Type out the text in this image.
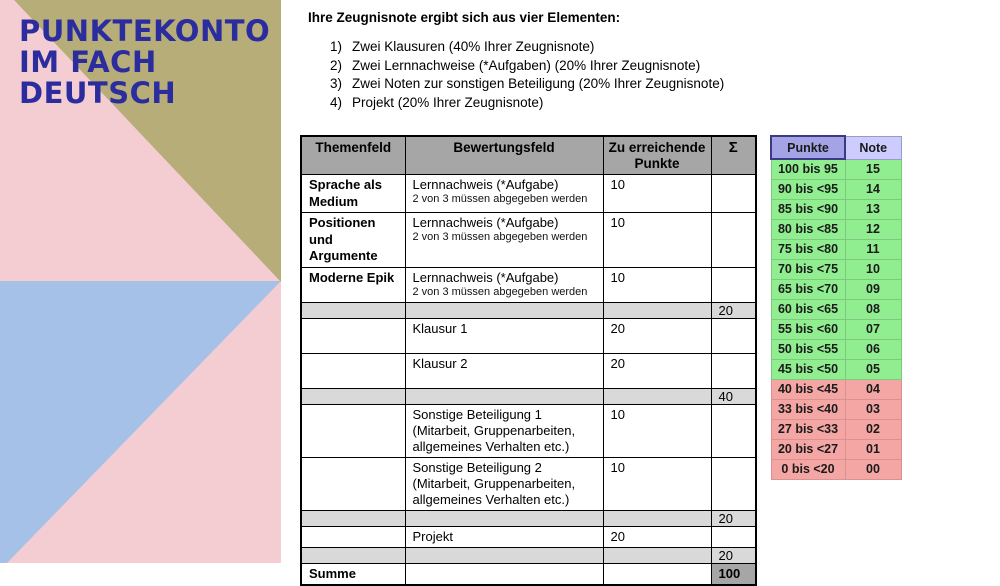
PUNKTEKONTO
IM FACH
DEUTSCH

Ihre Zeugnisnote ergibt sich aus vier Elementen:

1) Zwei Klausuren (40% Ihrer Zeugnisnote)
2) Zwei Lernnachweise (*Aufgaben) (20% Ihrer Zeugnisnote)
3) Zwei Noten zur sonstigen Beteiligung (20% Ihrer Zeugnisnote)
4) Projekt (20% Ihrer Zeugnisnote)
Themenfeld	Bewertungsfeld	Zu erreichende Punkte	Σ
Sprache als Medium	Lernnachweis (*Aufgabe)
2 von 3 müssen abgegeben werden	10	
Positionen und Argumente	Lernnachweis (*Aufgabe)
2 von 3 müssen abgegeben werden	10	
Moderne Epik	Lernnachweis (*Aufgabe)
2 von 3 müssen abgegeben werden	10	
			20

	Klausur 1	20	

	Klausur 2	20	
			40

	Sonstige Beteiligung 1 (Mitarbeit, Gruppenarbeiten, allgemeines Verhalten etc.)	10	

	Sonstige Beteiligung 2 (Mitarbeit, Gruppenarbeiten, allgemeines Verhalten etc.)	10	
			20

	Projekt	20	
			20
Summe			100
Punkte	Note
100 bis 95	15
90 bis <95	14
85 bis <90	13
80 bis <85	12
75 bis <80	11
70 bis <75	10
65 bis <70	09
60 bis <65	08
55 bis <60	07
50 bis <55	06
45 bis <50	05
40 bis <45	04
33 bis <40	03
27 bis <33	02
20 bis <27	01
0 bis <20	00
